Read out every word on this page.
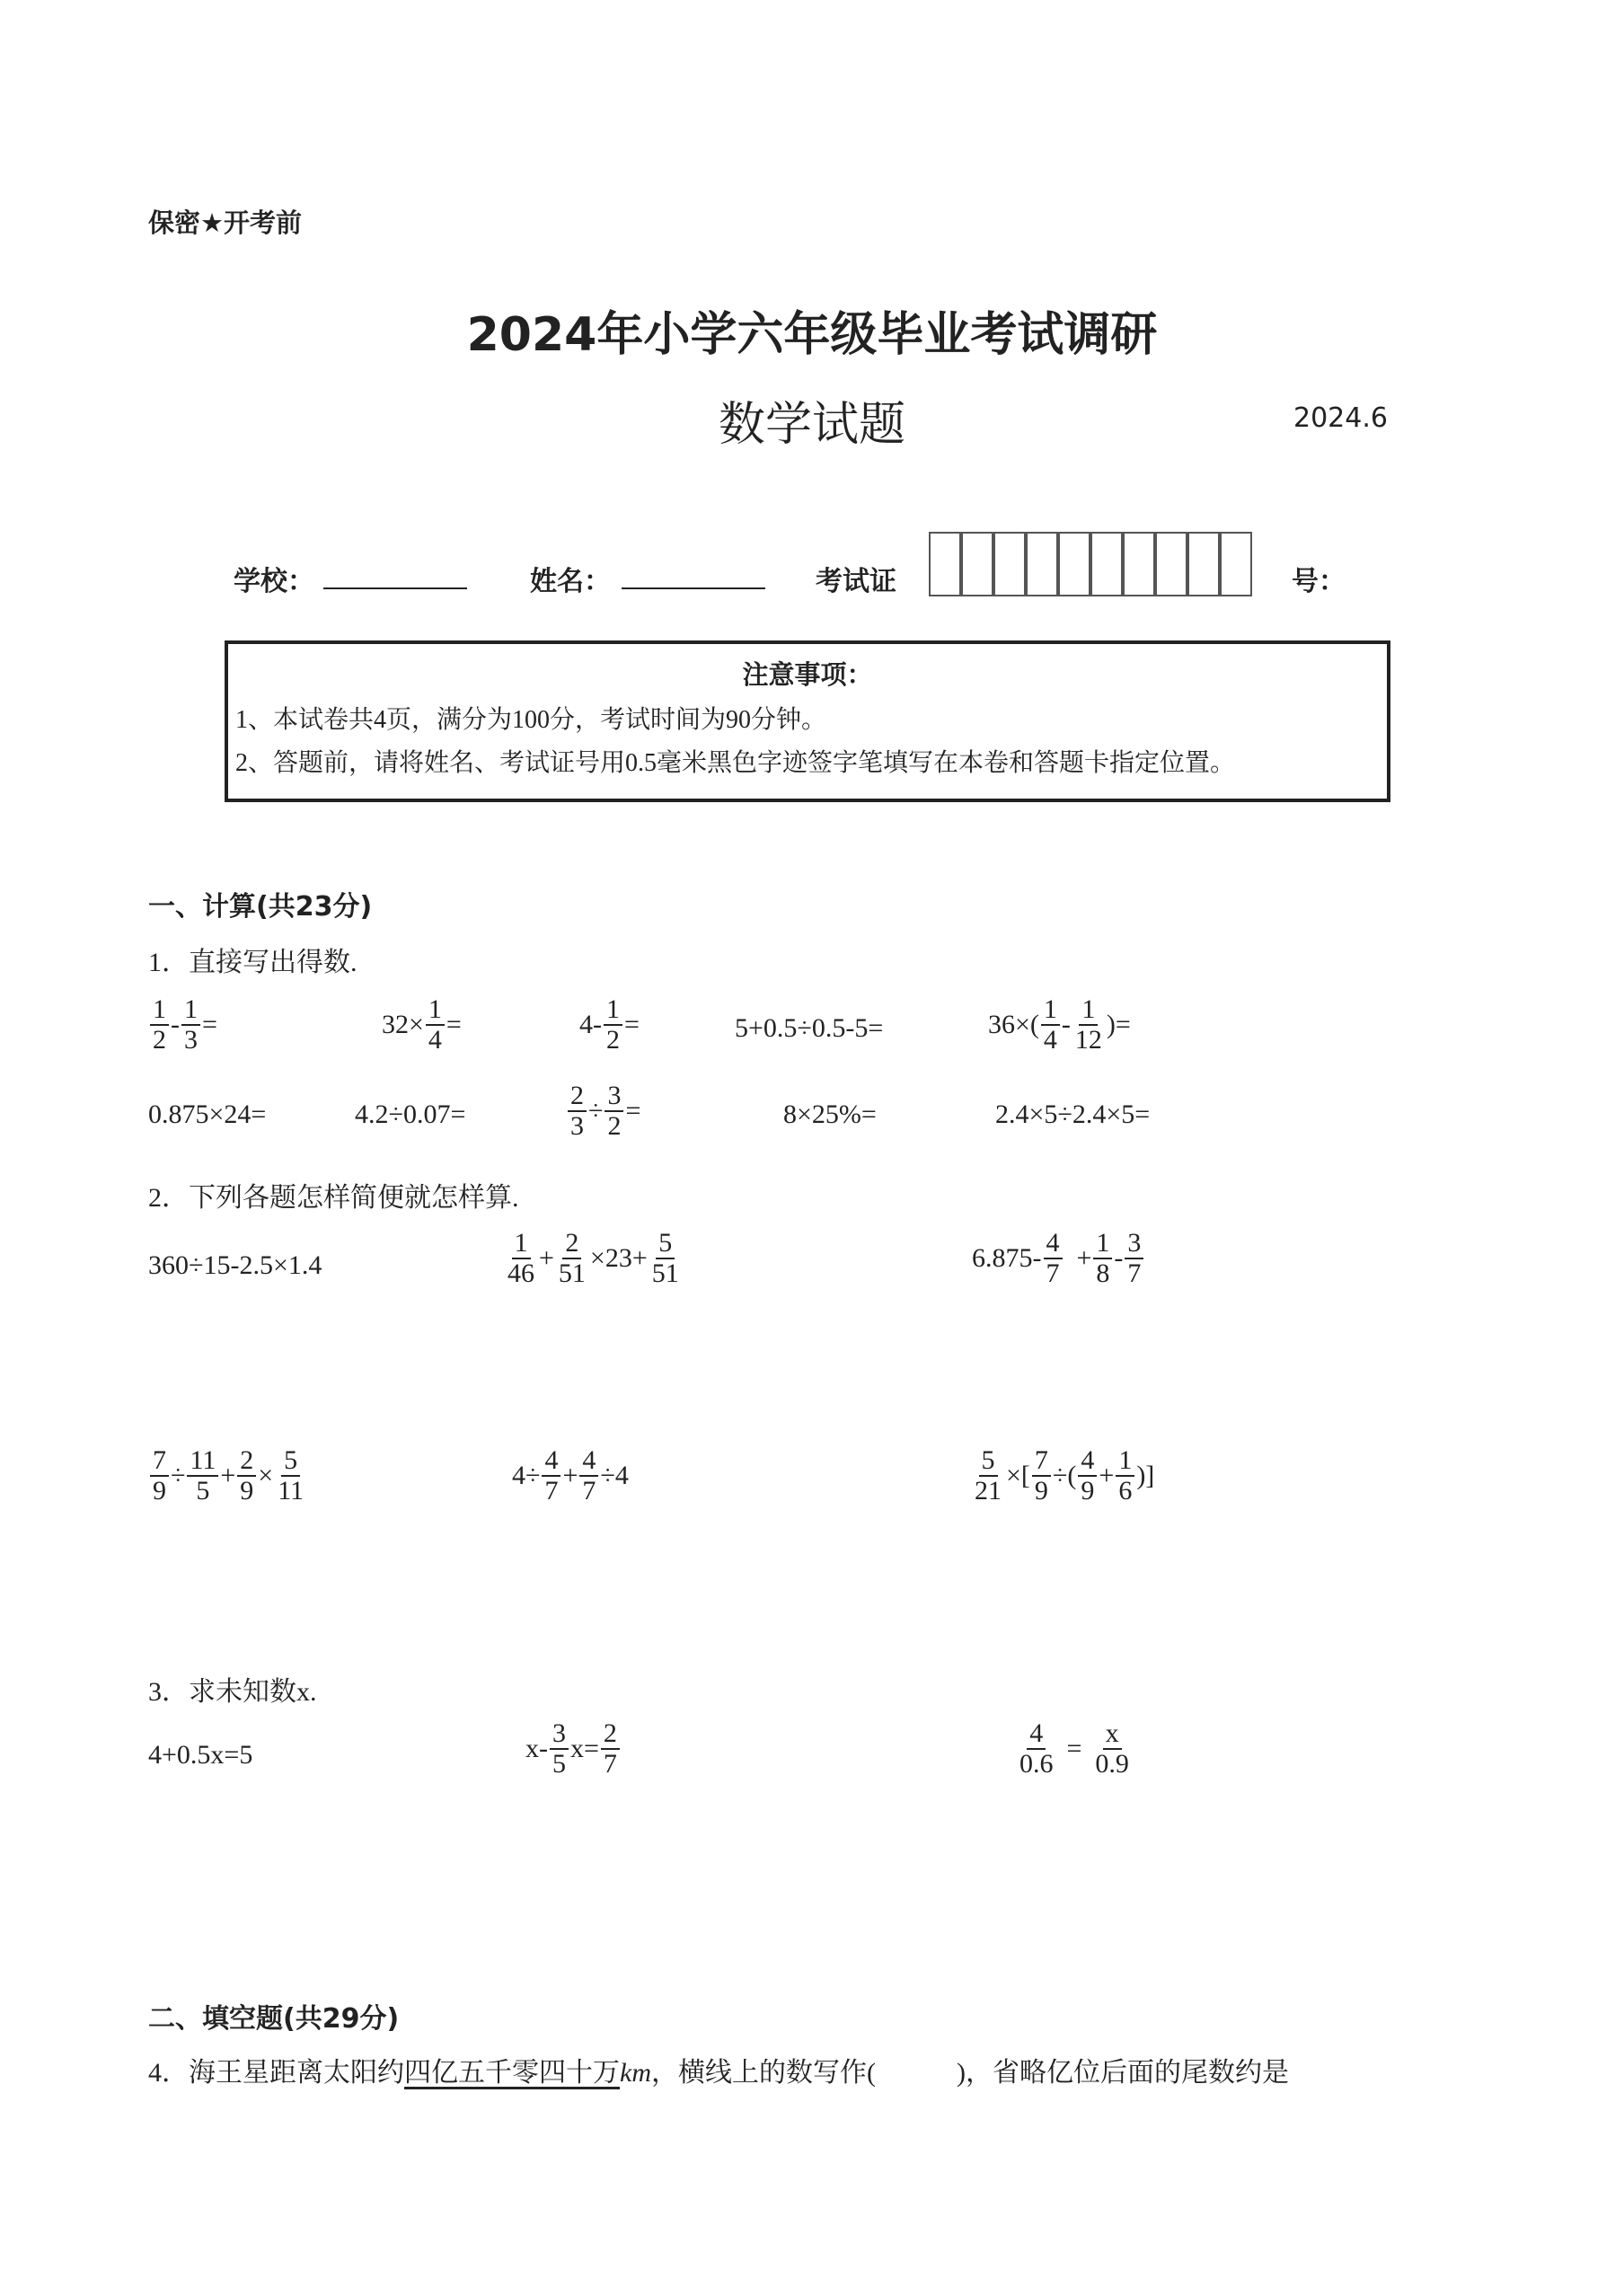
保密★开考前
2024年小学六年级毕业考试调研
数学试题	2024.6
学校：	姓名：	考试证	号：
注意事项：
1、本试卷共4页，满分为100分，考试时间为90分钟。
2、答题前，请将姓名、考试证号用0.5毫米黑色字迹签字笔填写在本卷和答题卡指定位置。
一、计算(共23分)
1．直接写出得数.
$\frac{1}{2} - \frac{1}{3}$ =	$32\times \frac{1}{4}$ =	$4- \frac{1}{2}$ =	5+0.5÷0.5-5=	$36\times( \frac{1}{4} - \frac{1}{12}$ )=
0.875×24=	4.2÷0.07=	$\frac{2}{3} \div \frac{3}{2}$ =	8×25%=	2.4×5÷2.4×5=
2．下列各题怎样简便就怎样算.
360÷15-2.5×1.4	$\frac{1}{46} + \frac{2}{51} \times 23+ \frac{5}{51}$	$6.875- \frac{4}{7} + \frac{1}{8} - \frac{3}{7}$
$\frac{7}{9} \div \frac{11}{5} + \frac{2}{9} \times \frac{5}{11}$	$4\div \frac{4}{7} + \frac{4}{7} \div 4$	$\frac{5}{21}$ ×[ $\frac{7}{9}$ ÷( $\frac{4}{9} + \frac{1}{6}$ )]
3．求未知数x.
4+0.5x=5	$x- \frac{3}{5} x= \frac{2}{7}$	$\frac{4}{0.6} = \frac{x}{0.9}$
二、填空题(共29分)
4．海王星距离太阳约四亿五千零四十万km，横线上的数写作(　　　)，省略亿位后面的尾数约是
